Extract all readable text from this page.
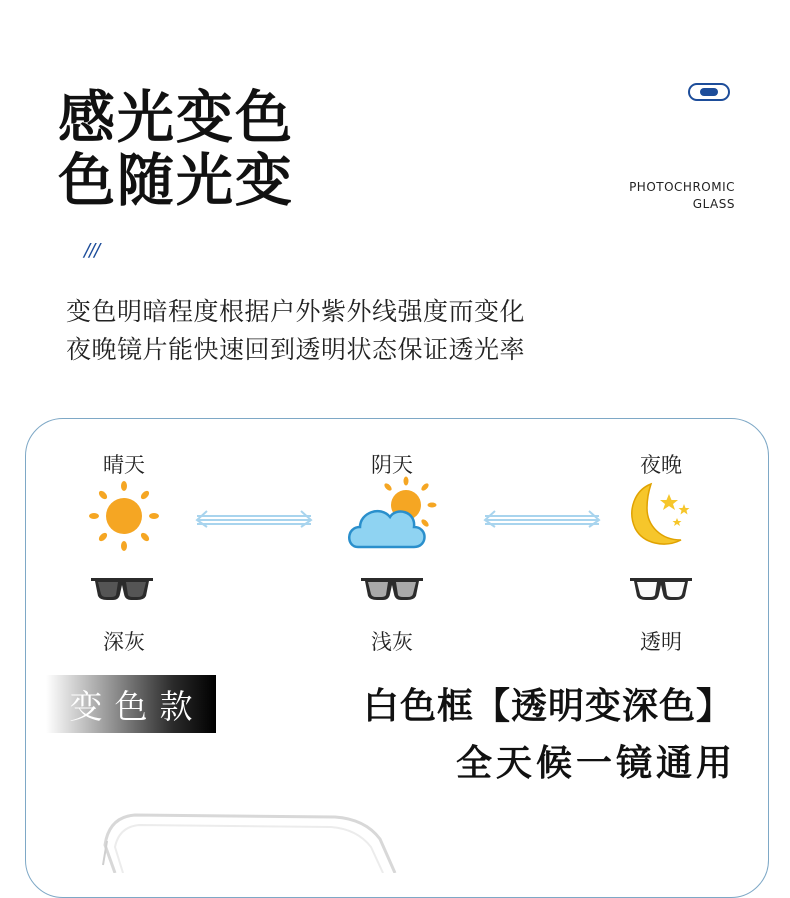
感光变色
色随光变	PHOTOCHROMIC
GLASS
///
变色明暗程度根据户外紫外线强度而变化
夜晚镜片能快速回到透明状态保证透光率
晴天	阴天	夜晚
深灰	浅灰	透明
变色款	白色框【透明变深色】
全天候一镜通用
